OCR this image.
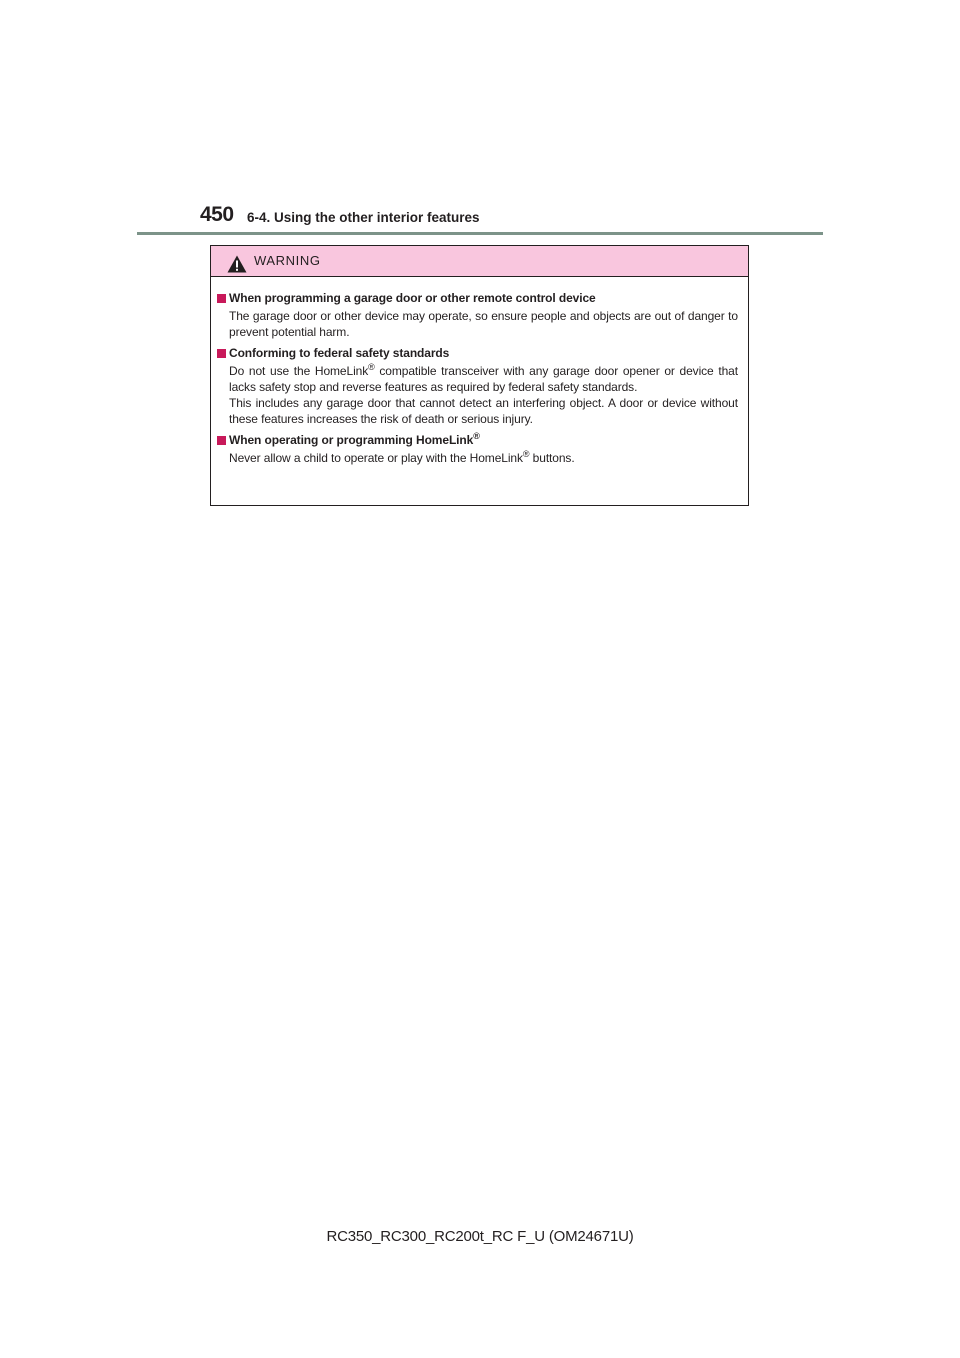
450 6-4. Using the other interior features
WARNING
When programming a garage door or other remote control device

The garage door or other device may operate, so ensure people and objects are out of danger to prevent potential harm.

Conforming to federal safety standards

Do not use the HomeLink® compatible transceiver with any garage door opener or device that lacks safety stop and reverse features as required by federal safety standards.

This includes any garage door that cannot detect an interfering object. A door or device without these features increases the risk of death or serious injury.

When operating or programming HomeLink®

Never allow a child to operate or play with the HomeLink® buttons.

RC350_RC300_RC200t_RC F_U (OM24671U)
